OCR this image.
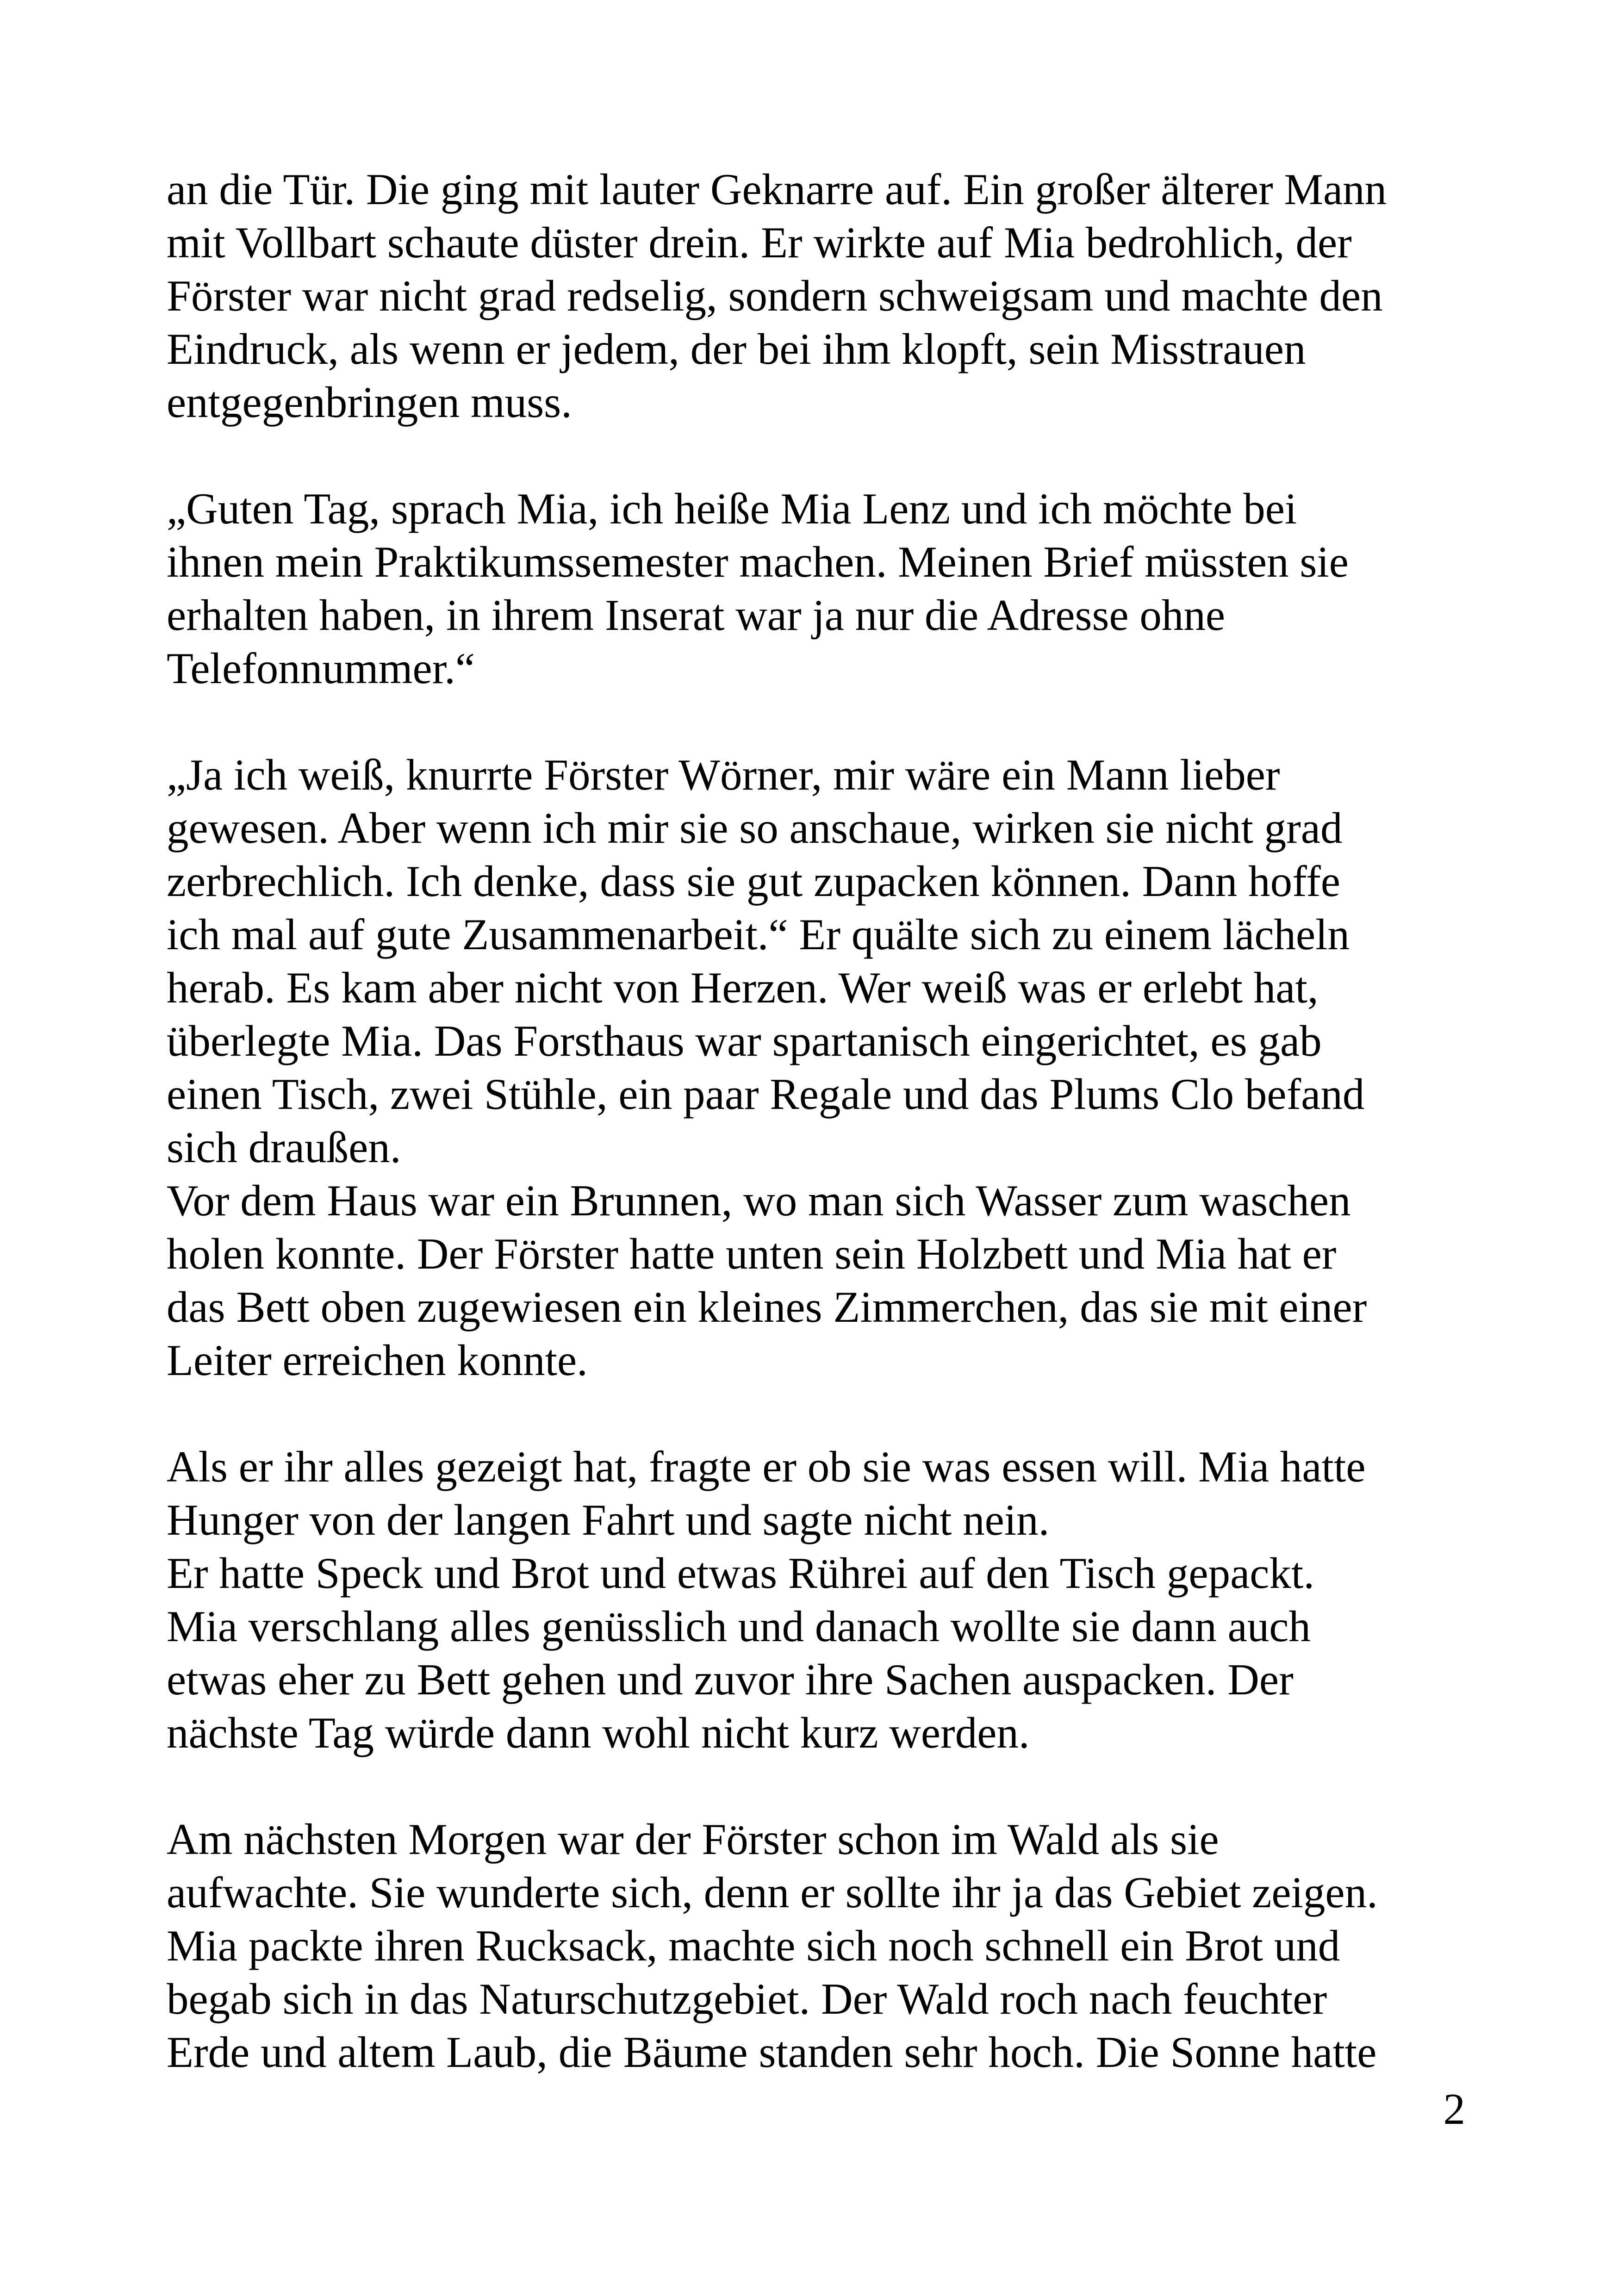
an die Tür. Die ging mit lauter Geknarre auf. Ein großer älterer Mann
mit Vollbart schaute düster drein. Er wirkte auf Mia bedrohlich, der
Förster war nicht grad redselig, sondern schweigsam und machte den
Eindruck, als wenn er jedem, der bei ihm klopft, sein Misstrauen
entgegenbringen muss.
„Guten Tag, sprach Mia, ich heiße Mia Lenz und ich möchte bei
ihnen mein Praktikumssemester machen. Meinen Brief müssten sie
erhalten haben, in ihrem Inserat war ja nur die Adresse ohne
Telefonnummer.“
„Ja ich weiß, knurrte Förster Wörner, mir wäre ein Mann lieber
gewesen. Aber wenn ich mir sie so anschaue, wirken sie nicht grad
zerbrechlich. Ich denke, dass sie gut zupacken können. Dann hoffe
ich mal auf gute Zusammenarbeit.“ Er quälte sich zu einem lächeln
herab. Es kam aber nicht von Herzen. Wer weiß was er erlebt hat,
überlegte Mia. Das Forsthaus war spartanisch eingerichtet, es gab
einen Tisch, zwei Stühle, ein paar Regale und das Plums Clo befand
sich draußen.
Vor dem Haus war ein Brunnen, wo man sich Wasser zum waschen
holen konnte. Der Förster hatte unten sein Holzbett und Mia hat er
das Bett oben zugewiesen ein kleines Zimmerchen, das sie mit einer
Leiter erreichen konnte.
Als er ihr alles gezeigt hat, fragte er ob sie was essen will. Mia hatte
Hunger von der langen Fahrt und sagte nicht nein.
Er hatte Speck und Brot und etwas Rührei auf den Tisch gepackt.
Mia verschlang alles genüsslich und danach wollte sie dann auch
etwas eher zu Bett gehen und zuvor ihre Sachen auspacken. Der
nächste Tag würde dann wohl nicht kurz werden.
Am nächsten Morgen war der Förster schon im Wald als sie
aufwachte. Sie wunderte sich, denn er sollte ihr ja das Gebiet zeigen.
Mia packte ihren Rucksack, machte sich noch schnell ein Brot und
begab sich in das Naturschutzgebiet. Der Wald roch nach feuchter
Erde und altem Laub, die Bäume standen sehr hoch. Die Sonne hatte
2
